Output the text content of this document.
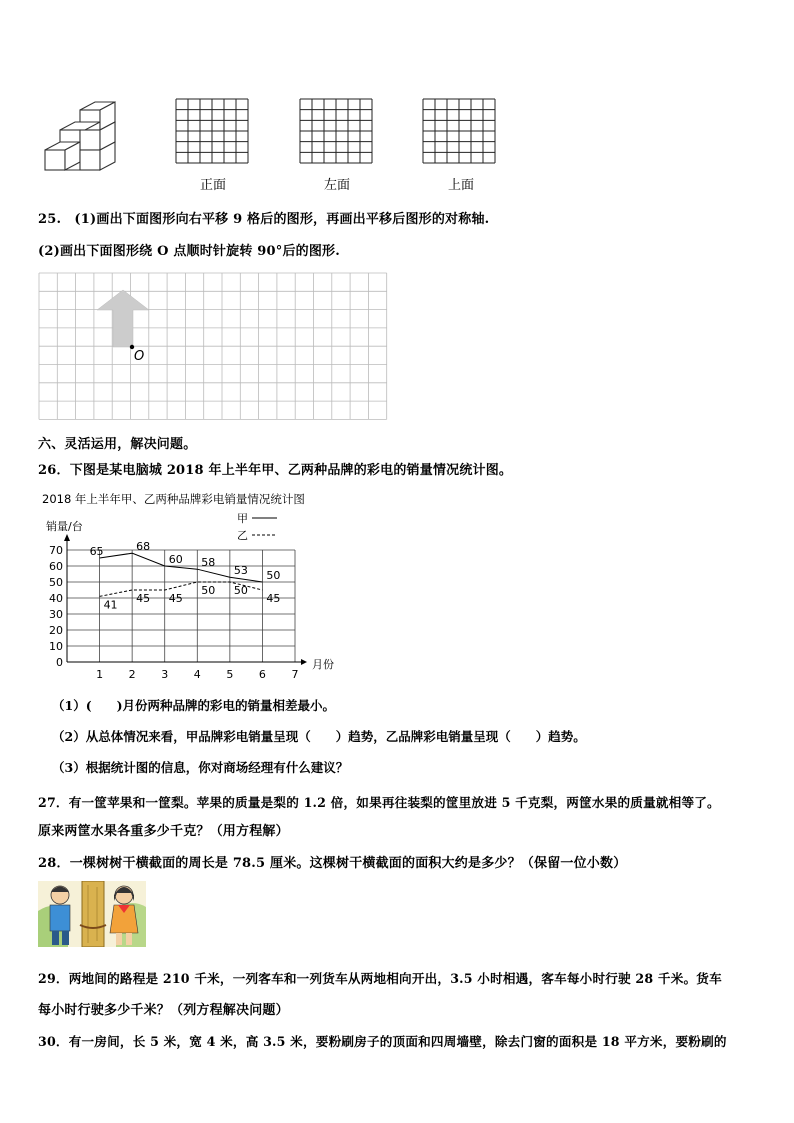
正面	左面	上面
25.　(1)画出下面图形向右平移 9 格后的图形，再画出平移后图形的对称轴.
(2)画出下面图形绕 O 点顺时针旋转 90°后的图形.
O
六、灵活运用，解决问题。
26．下图是某电脑城 2018 年上半年甲、乙两种品牌的彩电的销量情况统计图。
2018 年上半年甲、乙两种品牌彩电销量情况统计图
销量/台
月份
0
10
20
30
40
50
60
70
1 2 3 4 5 6 7
65	68
60 58
53 50
41 45 45
50 50
45
甲
乙
（1）(　　)月份两种品牌的彩电的销量相差最小。
（2）从总体情况来看，甲品牌彩电销量呈现（　　）趋势，乙品牌彩电销量呈现（　　）趋势。
（3）根据统计图的信息，你对商场经理有什么建议？
27．有一筐苹果和一筐梨。苹果的质量是梨的 1.2 倍，如果再往装梨的筐里放进 5 千克梨，两筐水果的质量就相等了。
原来两筐水果各重多少千克？（用方程解）
28．一棵树树干横截面的周长是 78.5 厘米。这棵树干横截面的面积大约是多少？（保留一位小数）
29．两地间的路程是 210 千米，一列客车和一列货车从两地相向开出，3.5 小时相遇，客车每小时行驶 28 千米。货车
每小时行驶多少千米？（列方程解决问题）
30．有一房间，长 5 米，宽 4 米，高 3.5 米，要粉刷房子的顶面和四周墙壁，除去门窗的面积是 18 平方米，要粉刷的
